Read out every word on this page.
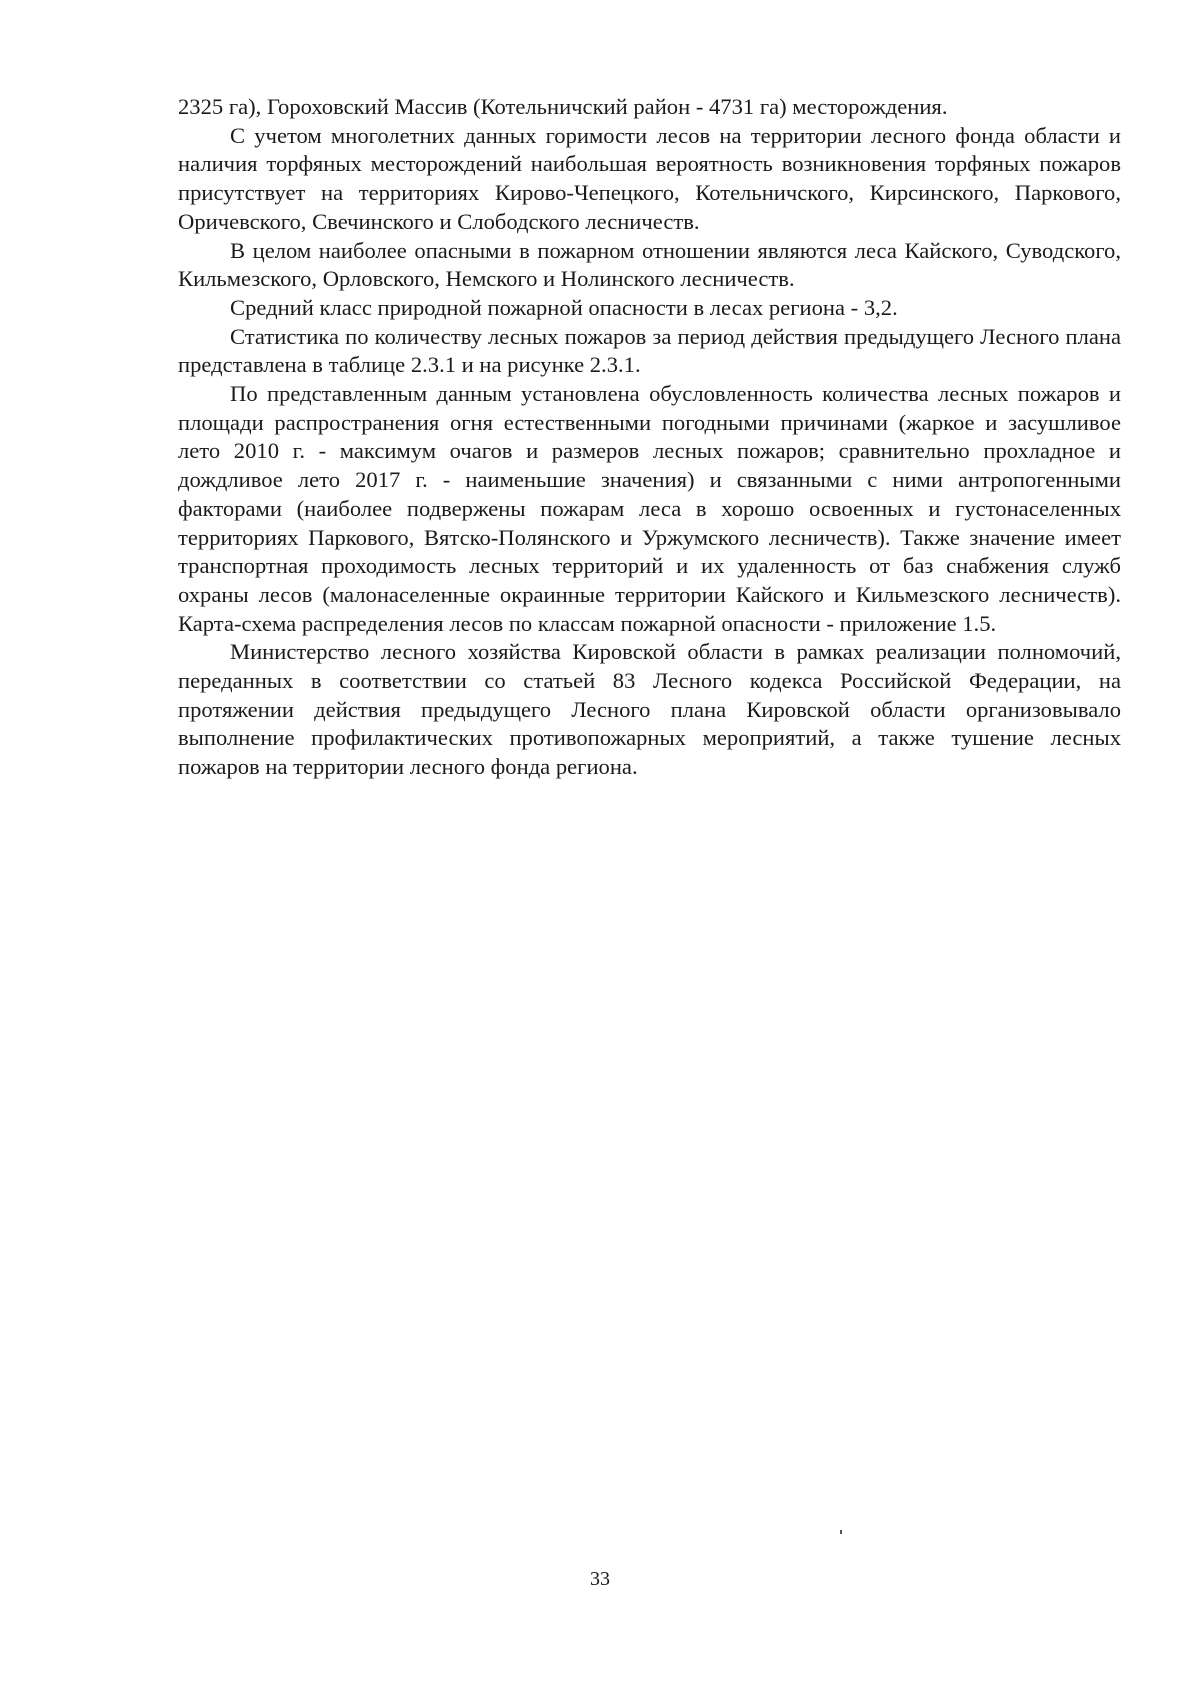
2325 га), Гороховский Массив (Котельничский район - 4731 га) месторождения.

С учетом многолетних данных горимости лесов на территории лесного фонда области и наличия торфяных месторождений наибольшая вероятность возникновения торфяных пожаров присутствует на территориях Кирово-Чепецкого, Котельничского, Кирсинского, Паркового, Оричевского, Свечинского и Слободского лесничеств.

В целом наиболее опасными в пожарном отношении являются леса Кайского, Суводского, Кильмезского, Орловского, Немского и Нолинского лесничеств.

Средний класс природной пожарной опасности в лесах региона - 3,2.

Статистика по количеству лесных пожаров за период действия предыдущего Лесного плана представлена в таблице 2.3.1 и на рисунке 2.3.1.

По представленным данным установлена обусловленность количества лесных пожаров и площади распространения огня естественными погодными причинами (жаркое и засушливое лето 2010 г. - максимум очагов и размеров лесных пожаров; сравнительно прохладное и дождливое лето 2017 г. - наименьшие значения) и связанными с ними антропогенными факторами (наиболее подвержены пожарам леса в хорошо освоенных и густонаселенных территориях Паркового, Вятско-Полянского и Уржумского лесничеств). Также значение имеет транспортная проходимость лесных территорий и их удаленность от баз снабжения служб охраны лесов (малонаселенные окраинные территории Кайского и Кильмезского лесничеств). Карта-схема распределения лесов по классам пожарной опасности - приложение 1.5.

Министерство лесного хозяйства Кировской области в рамках реализации полномочий, переданных в соответствии со статьей 83 Лесного кодекса Российской Федерации, на протяжении действия предыдущего Лесного плана Кировской области организовывало выполнение профилактических противопожарных мероприятий, а также тушение лесных пожаров на территории лесного фонда региона.

33
